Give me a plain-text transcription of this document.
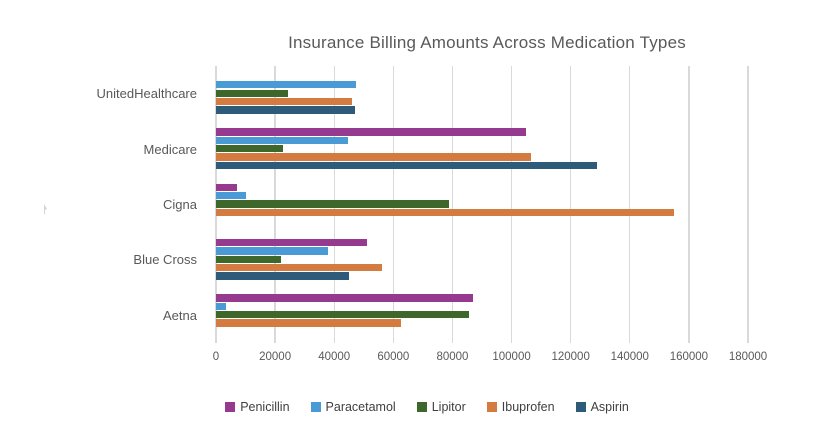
Insurance Billing Amounts Across Medication Types
UnitedHealthcare
Medicare
Cigna
Blue Cross
Aetna
0	20000 40000 60000 80000 100000 120000 140000 160000 180000
Penicillin	Paracetamol	Lipitor	Ibuprofen	Aspirin
